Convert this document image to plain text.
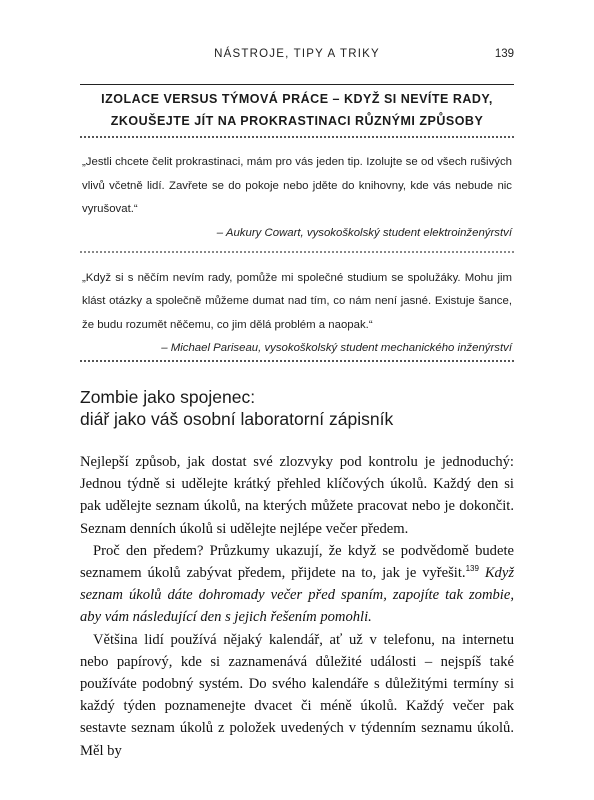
NÁSTROJE, TIPY A TRIKY	139
IZOLACE VERSUS TÝMOVÁ PRÁCE – KDYŽ SI NEVÍTE RADY,
ZKOUŠEJTE JÍT NA PROKRASTINACI RŮZNÝMI ZPŮSOBY
„Jestli chcete čelit prokrastinaci, mám pro vás jeden tip. Izolujte se od všech rušivých vlivů včetně lidí. Zavřete se do pokoje nebo jděte do knihovny, kde vás nebude nic vyrušovat.“
– Aukury Cowart, vysokoškolský student elektroinženýrství
„Když si s něčím nevím rady, pomůže mi společné studium se spolužáky. Mohu jim klást otázky a společně můžeme dumat nad tím, co nám není jasné. Existuje šance, že budu rozumět něčemu, co jim dělá problém a naopak.“
– Michael Pariseau, vysokoškolský student mechanického inženýrství
Zombie jako spojenec:
diář jako váš osobní laboratorní zápisník

Nejlepší způsob, jak dostat své zlozvyky pod kontrolu je jednoduchý: Jednou týdně si udělejte krátký přehled klíčových úkolů. Každý den si pak udělejte seznam úkolů, na kterých můžete pracovat nebo je dokončit. Seznam denních úkolů si udělejte nejlépe večer předem.

Proč den předem? Průzkumy ukazují, že když se podvědomě budete seznamem úkolů zabývat předem, přijdete na to, jak je vyřešit.$^{139}$ Když seznam úkolů dáte dohromady večer před spaním, zapojíte tak zombie, aby vám následující den s jejich řešením pomohli.

Většina lidí používá nějaký kalendář, ať už v telefonu, na internetu nebo papírový, kde si zaznamenává důležité události – nejspíš také používáte podobný systém. Do svého kalendáře s důležitými termíny si každý týden poznamenejte dvacet či méně úkolů. Každý večer pak sestavte seznam úkolů z položek uvedených v týdenním seznamu úkolů. Měl by
